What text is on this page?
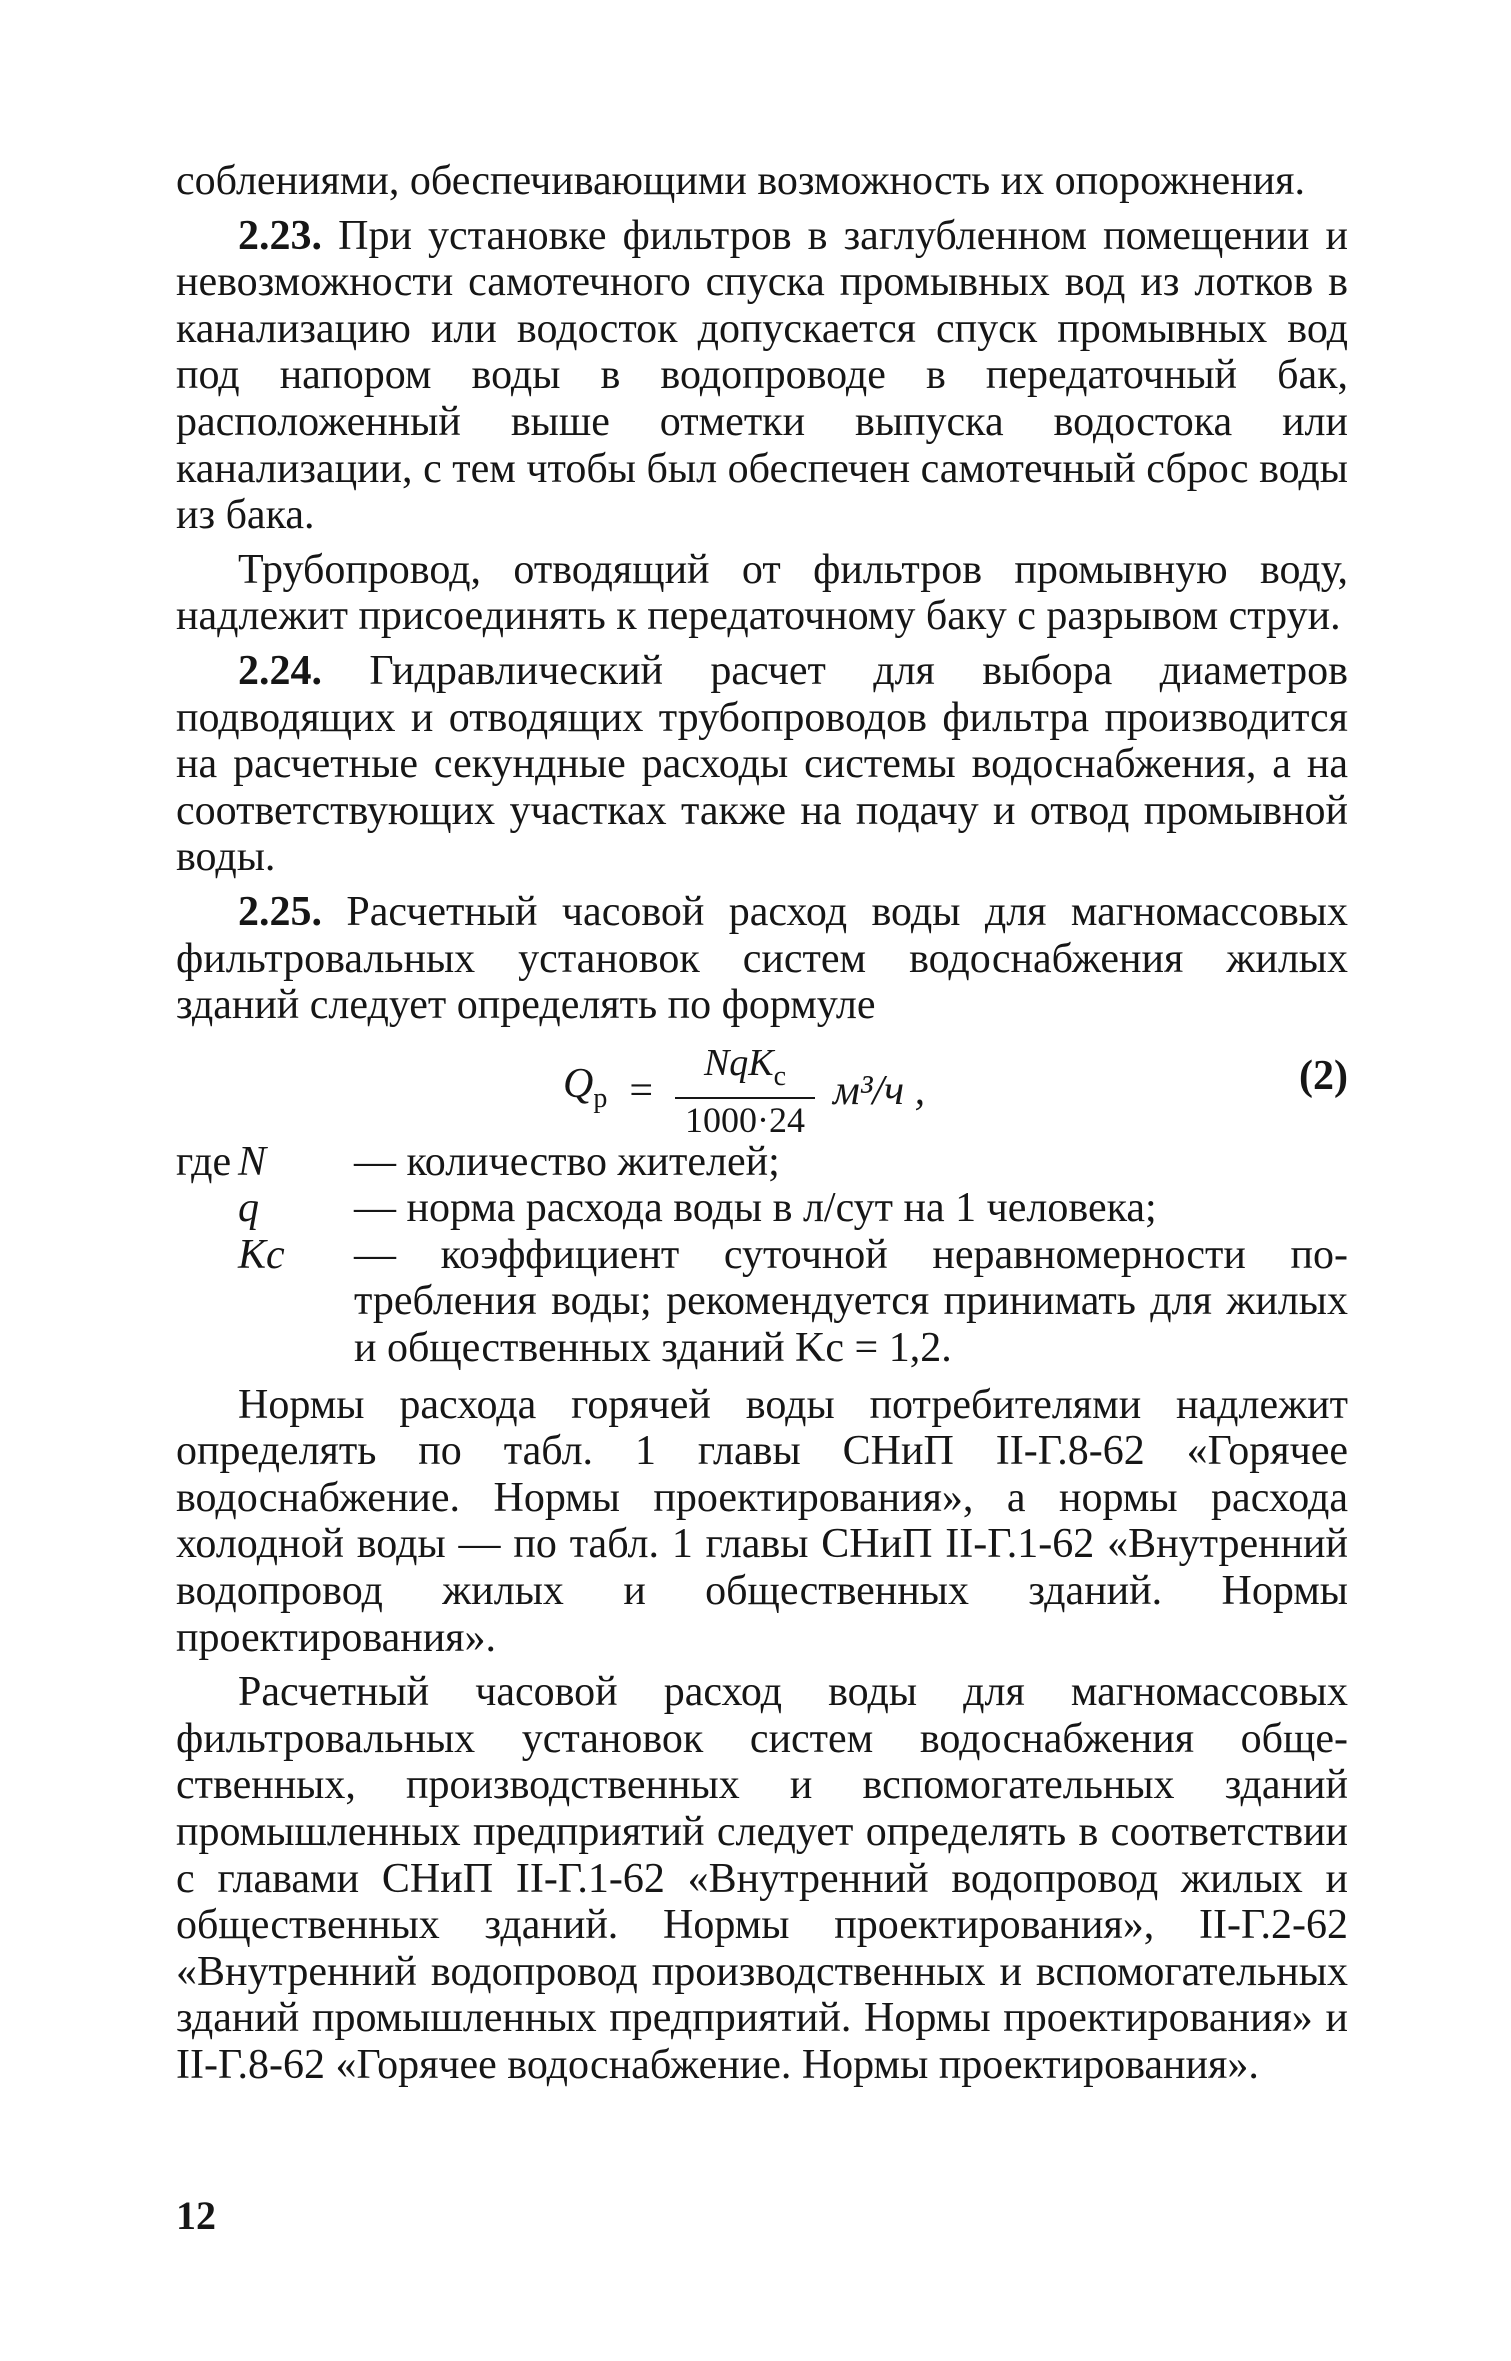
соблениями, обеспечивающими возможность их опорожнения.

2.23. При установке фильтров в заглубленном помещении и невозможности самотечного спуска промывных вод из лотков в канализацию или водосток допускается спуск промывных вод под напором воды в водопроводе в передаточный бак, расположенный выше отметки выпуска водостока или канализации, с тем чтобы был обеспечен самотечный сброс воды из бака.

Трубопровод, отводящий от фильтров промывную воду, надлежит присоединять к передаточному баку с разрывом струи.

2.24. Гидравлический расчет для выбора диаметров подводящих и отводящих трубопроводов фильтра производится на расчетные секундные расходы системы водоснабжения, а на соответствующих участках также на подачу и отвод промывной воды.

2.25. Расчетный часовой расход воды для магномассовых фильтровальных установок систем водоснабжения жилых зданий следует определять по формуле

$Q_р = \frac{NqK_с}{1000\cdot 24} м^3/ч$ ,	(2)
где N	— количество жителей;
q	— норма расхода воды в л/сут на 1 человека;
Kс	— коэффициент суточной неравномерности потребления воды; рекомендуется принимать для жилых и общественных зданий Kс = 1,2.

Нормы расхода горячей воды потребителями надлежит определять по табл. 1 главы СНиП II-Г.8-62 «Горячее водоснабжение. Нормы проектирования», а нормы расхода холодной воды — по табл. 1 главы СНиП II-Г.1-62 «Внутренний водопровод жилых и общественных зданий. Нормы проектирования».

Расчетный часовой расход воды для магномассовых фильтровальных установок систем водоснабжения общественных, производственных и вспомогательных зданий промышленных предприятий следует определять в соответствии с главами СНиП II-Г.1-62 «Внутренний водопровод жилых и общественных зданий. Нормы проектирования», II-Г.2-62 «Внутренний водопровод производственных и вспомогательных зданий промышленных предприятий. Нормы проектирования» и II-Г.8-62 «Горячее водоснабжение. Нормы проектирования».

12
